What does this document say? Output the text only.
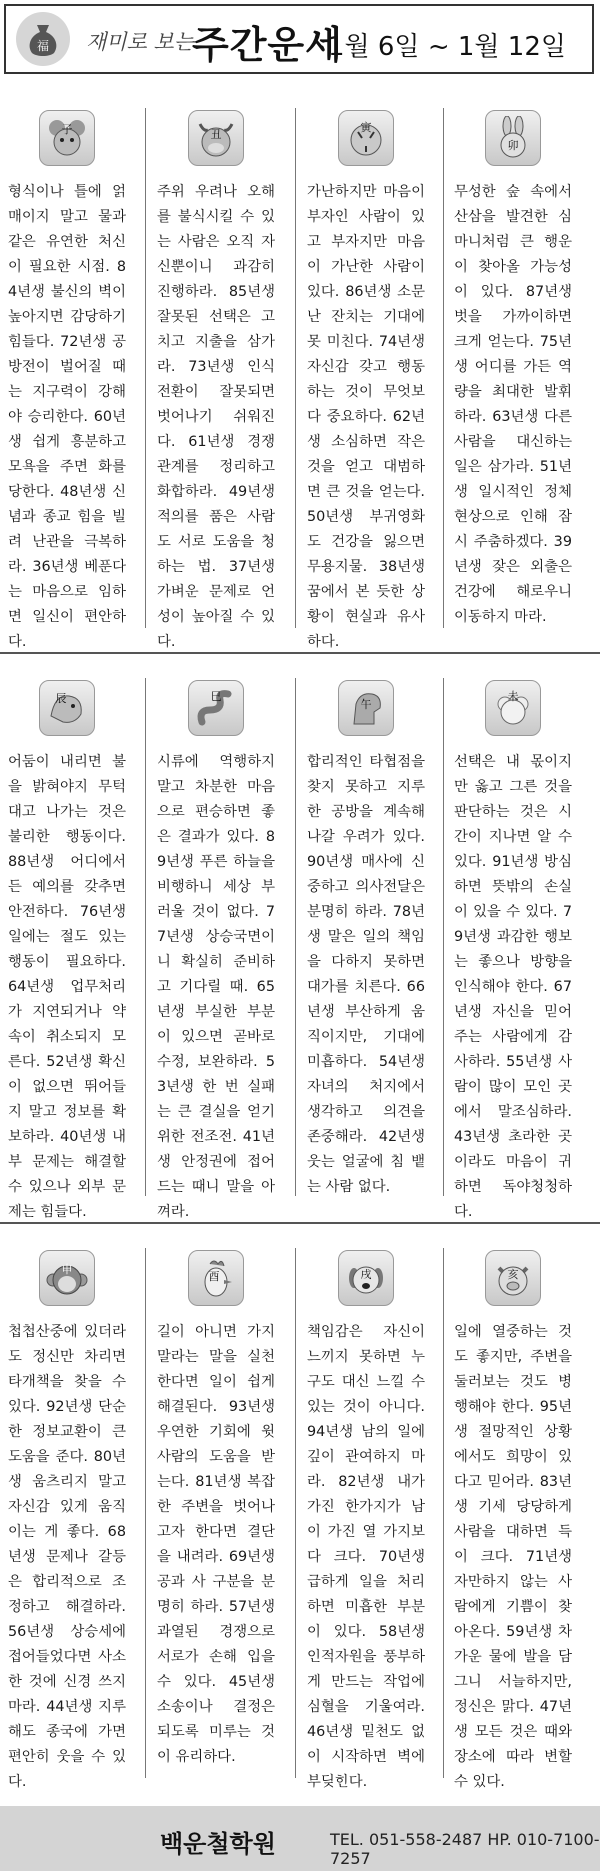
福 재미로 보는
주간운세
1월 6일 ~ 1월 12일
子

형식이나 틀에 얽매이지 말고 물과 같은 유연한 처신이 필요한 시점. 84년생 불신의 벽이 높아지면 감당하기 힘들다. 72년생 공방전이 벌어질 때는 지구력이 강해야 승리한다. 60년생 쉽게 흥분하고 모욕을 주면 화를 당한다. 48년생 신념과 종교 힘을 빌려 난관을 극복하라. 36년생 베푼다는 마음으로 임하면 일신이 편안하다.

丑

주위 우려나 오해를 불식시킬 수 있는 사람은 오직 자신뿐이니 과감히 진행하라. 85년생 잘못된 선택은 고치고 지출을 삼가라. 73년생 인식 전환이 잘못되면 벗어나기 쉬워진다. 61년생 경쟁 관계를 정리하고 화합하라. 49년생 적의를 품은 사람도 서로 도움을 청하는 법. 37년생 가벼운 문제로 언성이 높아질 수 있다.

寅

가난하지만 마음이 부자인 사람이 있고 부자지만 마음이 가난한 사람이 있다. 86년생 소문난 잔치는 기대에 못 미친다. 74년생 자신감 갖고 행동하는 것이 무엇보다 중요하다. 62년생 소심하면 작은 것을 얻고 대범하면 큰 것을 얻는다. 50년생 부귀영화도 건강을 잃으면 무용지물. 38년생 꿈에서 본 듯한 상황이 현실과 유사하다.

卯

무성한 숲 속에서 산삼을 발견한 심마니처럼 큰 행운이 찾아올 가능성이 있다. 87년생 벗을 가까이하면 크게 얻는다. 75년생 어디를 가든 역량을 최대한 발휘하라. 63년생 다른 사람을 대신하는 일은 삼가라. 51년생 일시적인 정체현상으로 인해 잠시 주춤하겠다. 39년생 잦은 외출은 건강에 해로우니 이동하지 마라.

辰

어둠이 내리면 불을 밝혀야지 무턱대고 나가는 것은 불리한 행동이다. 88년생 어디에서든 예의를 갖추면 안전하다. 76년생 일에는 절도 있는 행동이 필요하다. 64년생 업무처리가 지연되거나 약속이 취소되지 모른다. 52년생 확신이 없으면 뛰어들지 말고 정보를 확보하라. 40년생 내부 문제는 해결할 수 있으나 외부 문제는 힘들다.

巳

시류에 역행하지 말고 차분한 마음으로 편승하면 좋은 결과가 있다. 89년생 푸른 하늘을 비행하니 세상 부러울 것이 없다. 77년생 상승국면이니 확실히 준비하고 기다릴 때. 65년생 부실한 부분이 있으면 곧바로 수정, 보완하라. 53년생 한 번 실패는 큰 결실을 얻기 위한 전조전. 41년생 안정권에 접어드는 때니 말을 아껴라.

午

합리적인 타협점을 찾지 못하고 지루한 공방을 계속해 나갈 우려가 있다. 90년생 매사에 신중하고 의사전달은 분명히 하라. 78년생 말은 일의 책임을 다하지 못하면 대가를 치른다. 66년생 부산하게 움직이지만, 기대에 미흡하다. 54년생 자녀의 처지에서 생각하고 의견을 존중해라. 42년생 웃는 얼굴에 침 뱉는 사람 없다.

未

선택은 내 몫이지만 옳고 그른 것을 판단하는 것은 시간이 지나면 알 수 있다. 91년생 방심하면 뜻밖의 손실이 있을 수 있다. 79년생 과감한 행보는 좋으나 방향을 인식해야 한다. 67년생 자신을 믿어주는 사람에게 감사하라. 55년생 사람이 많이 모인 곳에서 말조심하라. 43년생 초라한 곳이라도 마음이 귀하면 독야청청하다.

申

첩첩산중에 있더라도 정신만 차리면 타개책을 찾을 수 있다. 92년생 단순한 정보교환이 큰 도움을 준다. 80년생 움츠리지 말고 자신감 있게 움직이는 게 좋다. 68년생 문제나 갈등은 합리적으로 조정하고 해결하라. 56년생 상승세에 접어들었다면 사소한 것에 신경 쓰지 마라. 44년생 지루해도 종국에 가면 편안히 웃을 수 있다.

酉

길이 아니면 가지 말라는 말을 실천한다면 일이 쉽게 해결된다. 93년생 우연한 기회에 윗사람의 도움을 받는다. 81년생 복잡한 주변을 벗어나고자 한다면 결단을 내려라. 69년생 공과 사 구분을 분명히 하라. 57년생 과열된 경쟁으로 서로가 손해 입을 수 있다. 45년생 소송이나 결정은 되도록 미루는 것이 유리하다.

戌

책임감은 자신이 느끼지 못하면 누구도 대신 느낄 수 있는 것이 아니다. 94년생 남의 일에 깊이 관여하지 마라. 82년생 내가 가진 한가지가 남이 가진 열 가지보다 크다. 70년생 급하게 일을 처리하면 미흡한 부분이 있다. 58년생 인적자원을 풍부하게 만드는 작업에 심혈을 기울여라. 46년생 밑천도 없이 시작하면 벽에 부딪힌다.

亥

일에 열중하는 것도 좋지만, 주변을 둘러보는 것도 병행해야 한다. 95년생 절망적인 상황에서도 희망이 있다고 믿어라. 83년생 기세 당당하게 사람을 대하면 득이 크다. 71년생 자만하지 않는 사람에게 기쁨이 찾아온다. 59년생 차가운 물에 발을 담그니 서늘하지만, 정신은 맑다. 47년생 모든 것은 때와 장소에 따라 변할 수 있다.

백운철학원	TEL. 051-558-2487 HP. 010-7100-7257
